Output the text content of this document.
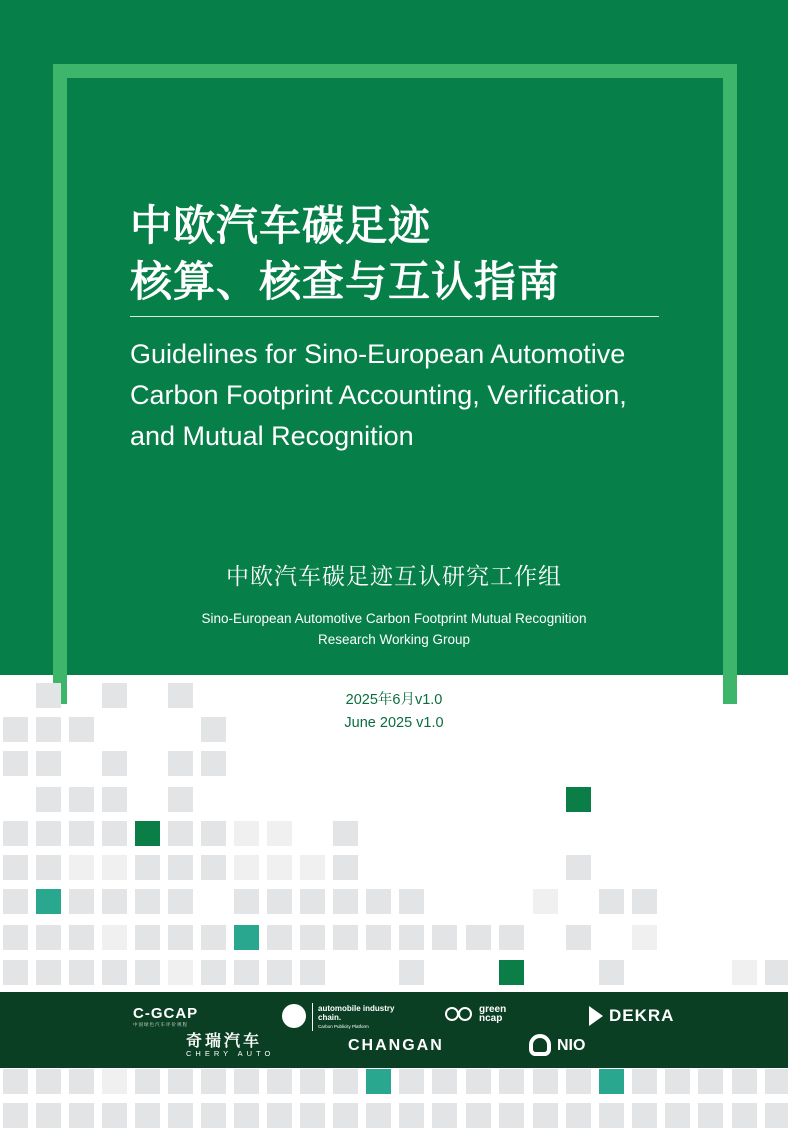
中欧汽车碳足迹
核算、核查与互认指南
Guidelines for Sino-European Automotive
Carbon Footprint Accounting, Verification,
and Mutual Recognition
中欧汽车碳足迹互认研究工作组
Sino-European Automotive Carbon Footprint Mutual Recognition
Research Working Group
2025年6月v1.0
June 2025 v1.0
C-GCAP
中国绿色汽车评价规程
automobile industry chain.
Carbon Publicity Platform
green ncap	DEKRA
奇瑞汽车
CHERY AUTO	CHANGAN	NIO
